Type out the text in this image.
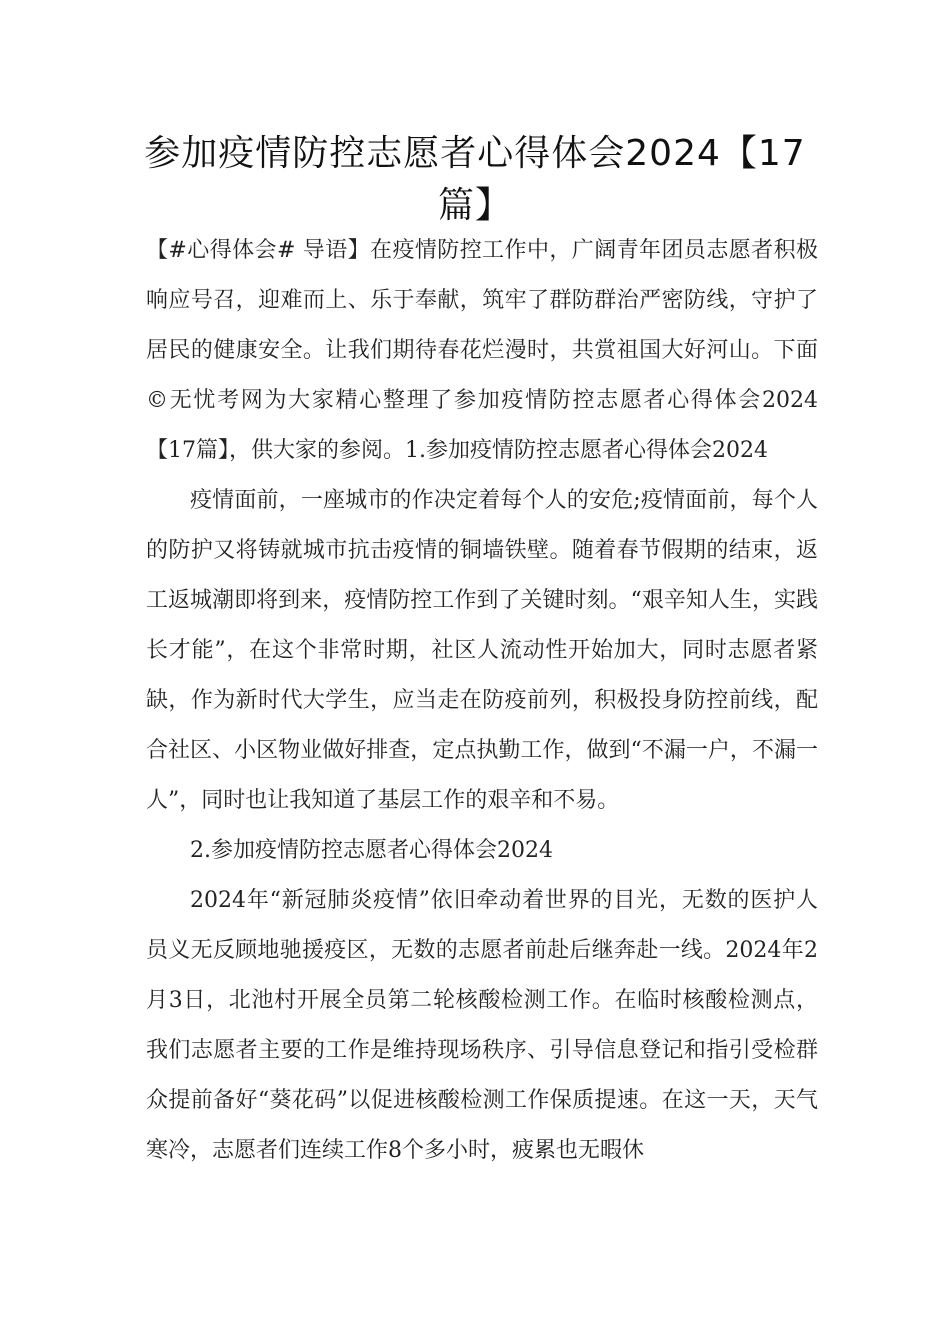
参加疫情防控志愿者心得体会2024【17篇】

【#心得体会# 导语】在疫情防控工作中，广阔青年团员志愿者积极响应号召，迎难而上、乐于奉献，筑牢了群防群治严密防线，守护了居民的健康安全。让我们期待春花烂漫时，共赏祖国大好河山。下面©无忧考网为大家精心整理了参加疫情防控志愿者心得体会2024【17篇】，供大家的参阅。1.参加疫情防控志愿者心得体会2024

疫情面前，一座城市的作决定着每个人的安危;疫情面前，每个人的防护又将铸就城市抗击疫情的铜墙铁壁。随着春节假期的结束，返工返城潮即将到来，疫情防控工作到了关键时刻。“艰辛知人生，实践长才能”，在这个非常时期，社区人流动性开始加大，同时志愿者紧缺，作为新时代大学生，应当走在防疫前列，积极投身防控前线，配合社区、小区物业做好排查，定点执勤工作，做到“不漏一户，不漏一人”，同时也让我知道了基层工作的艰辛和不易。

2.参加疫情防控志愿者心得体会2024

2024年“新冠肺炎疫情”依旧牵动着世界的目光，无数的医护人员义无反顾地驰援疫区，无数的志愿者前赴后继奔赴一线。2024年2月3日，北池村开展全员第二轮核酸检测工作。在临时核酸检测点，我们志愿者主要的工作是维持现场秩序、引导信息登记和指引受检群众提前备好“葵花码”以促进核酸检测工作保质提速。在这一天，天气寒冷，志愿者们连续工作8个多小时，疲累也无暇休
